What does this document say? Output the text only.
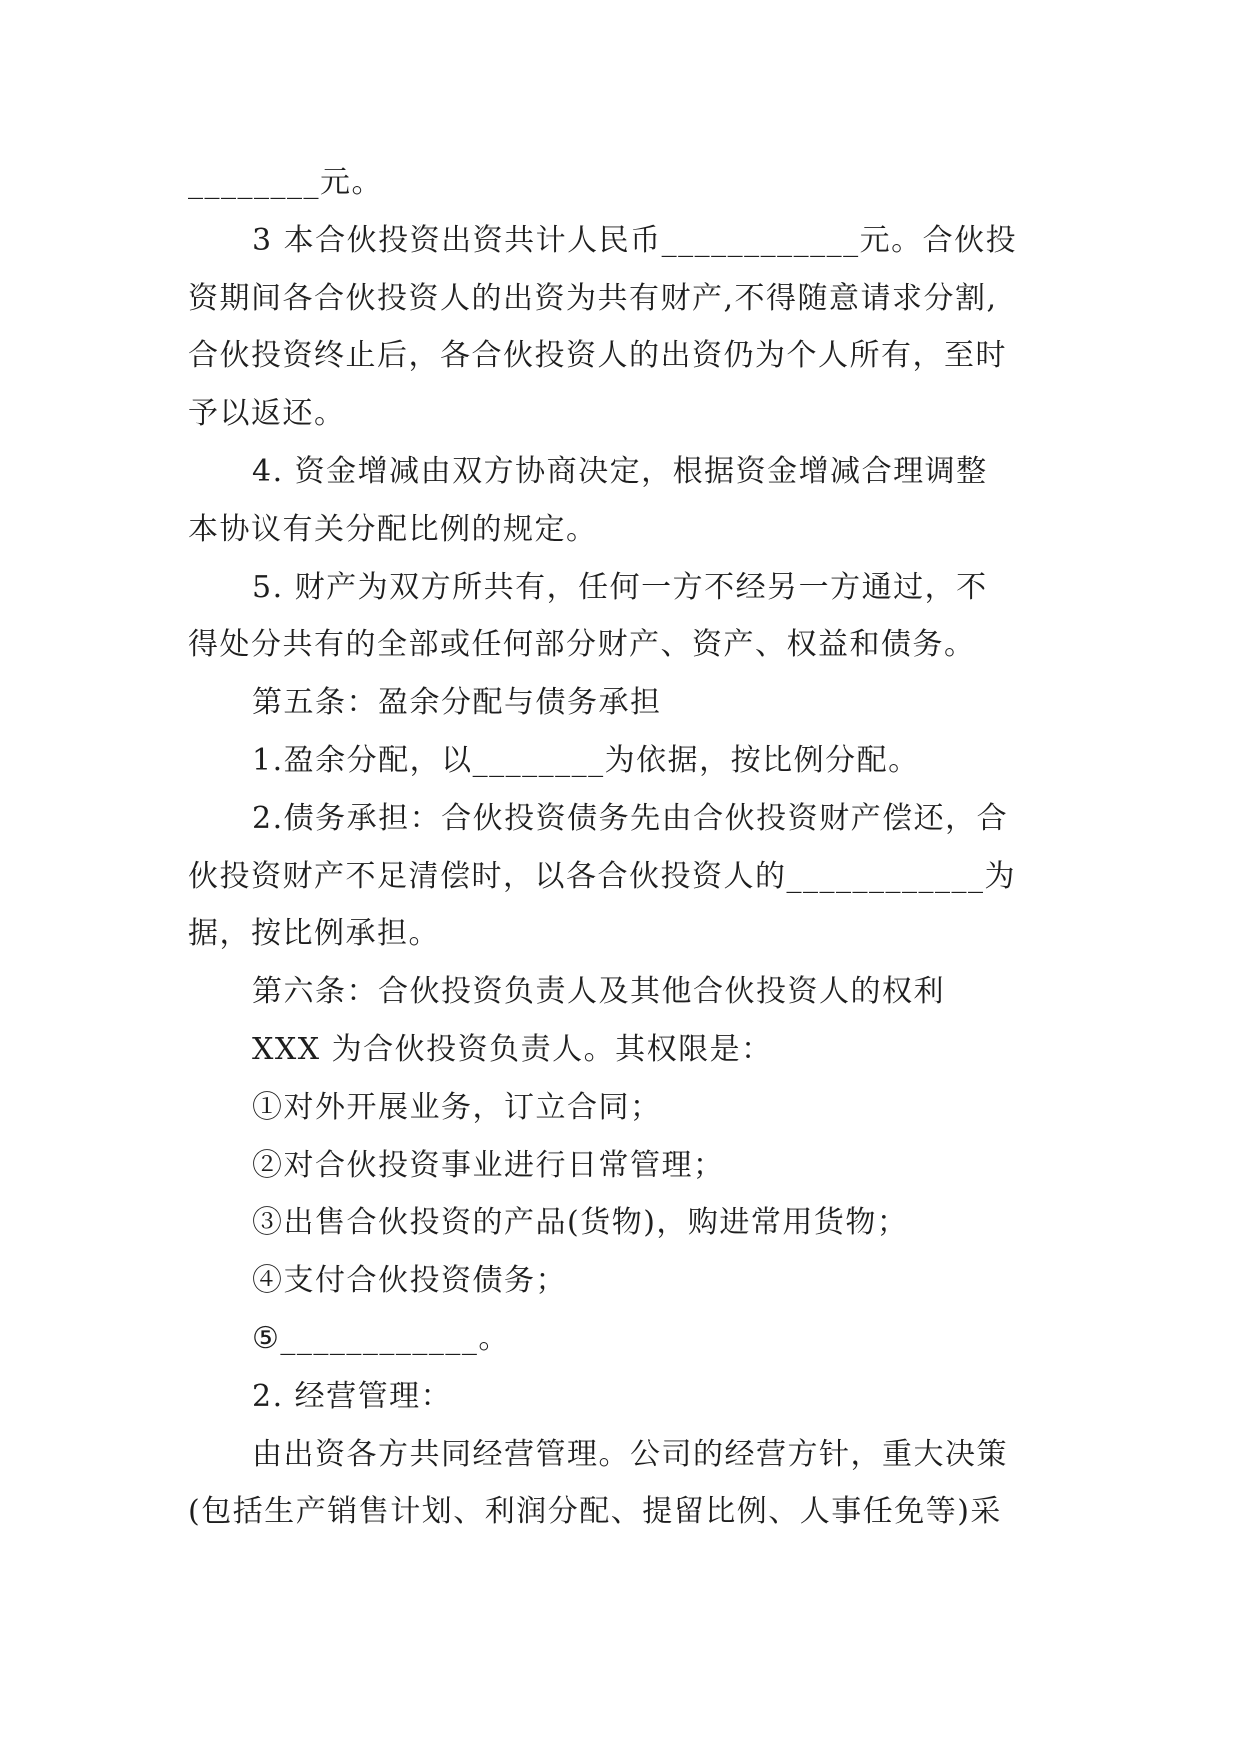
________元。
3 本合伙投资出资共计人民币____________元。合伙投
资期间各合伙投资人的出资为共有财产,不得随意请求分割,
合伙投资终止后，各合伙投资人的出资仍为个人所有，至时
予以返还。
4. 资金增减由双方协商决定，根据资金增减合理调整
本协议有关分配比例的规定。
5. 财产为双方所共有，任何一方不经另一方通过，不
得处分共有的全部或任何部分财产、资产、权益和债务。
第五条：盈余分配与债务承担
1.盈余分配，以________为依据，按比例分配。
2.债务承担：合伙投资债务先由合伙投资财产偿还，合
伙投资财产不足清偿时，以各合伙投资人的____________为
据，按比例承担。
第六条：合伙投资负责人及其他合伙投资人的权利
XXX 为合伙投资负责人。其权限是：
①对外开展业务，订立合同；
②对合伙投资事业进行日常管理；
③出售合伙投资的产品(货物)，购进常用货物；
④支付合伙投资债务；
⑤____________。
2. 经营管理：
由出资各方共同经营管理。公司的经营方针，重大决策
(包括生产销售计划、利润分配、提留比例、人事任免等)采
